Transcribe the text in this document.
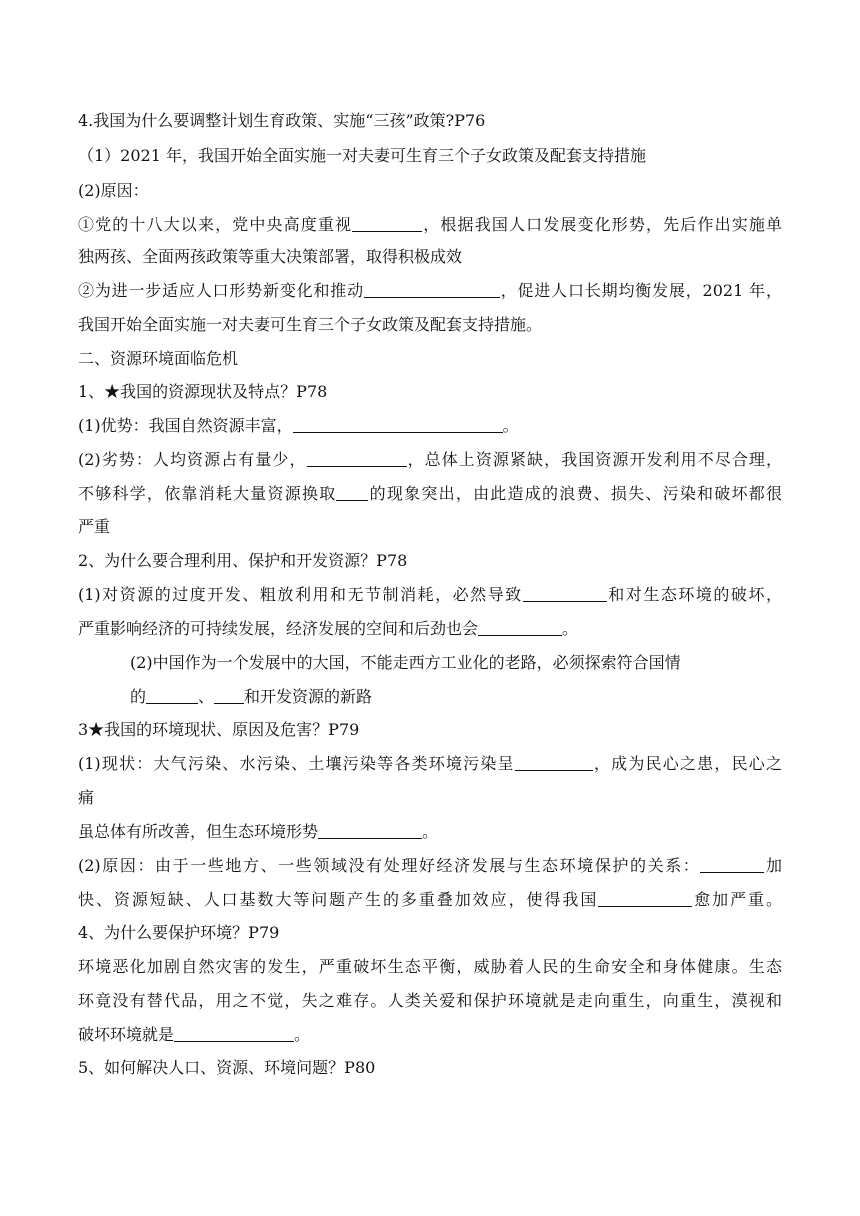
4.我国为什么要调整计划生育政策、实施“三孩”政策?P76
（1）2021 年，我国开始全面实施一对夫妻可生育三个子女政策及配套支持措施
(2)原因：
①党的十八大以来，党中央高度重视	，根据我国人口发展变化形势，先后作出实施单
独两孩、全面两孩政策等重大决策部署，取得积极成效
②为进一步适应人口形势新变化和推动	，促进人口长期均衡发展，2021 年，
我国开始全面实施一对夫妻可生育三个子女政策及配套支持措施。
二、资源环境面临危机
1、★我国的资源现状及特点？P78
(1)优势：我国自然资源丰富，	。
(2)劣势：人均资源占有量少，	，总体上资源紧缺，我国资源开发利用不尽合理，
不够科学，依靠消耗大量资源换取 的现象突出，由此造成的浪费、损失、污染和破坏都很
严重
2、为什么要合理利用、保护和开发资源？P78
(1)对资源的过度开发、粗放利用和无节制消耗，必然导致	和对生态环境的破坏，
严重影响经济的可持续发展，经济发展的空间和后劲也会	。
(2)中国作为一个发展中的大国，不能走西方工业化的老路，必须探索符合国情
的	、 和开发资源的新路
3★我国的环境现状、原因及危害？P79
(1)现状：大气污染、水污染、土壤污染等各类环境污染呈	，成为民心之患，民心之
痛
虽总体有所改善，但生态环境形势	。
(2)原因：由于一些地方、一些领域没有处理好经济发展与生态环境保护的关系：	加
快、资源短缺、人口基数大等问题产生的多重叠加效应，使得我国	愈加严重。
4、为什么要保护环境？P79
环境恶化加剧自然灾害的发生，严重破坏生态平衡，威胁着人民的生命安全和身体健康。生态
环竟没有替代品，用之不觉，失之难存。人类关爱和保护环境就是走向重生，向重生，漠视和
破坏环境就是	。
5、如何解决人口、资源、环境问题？P80
